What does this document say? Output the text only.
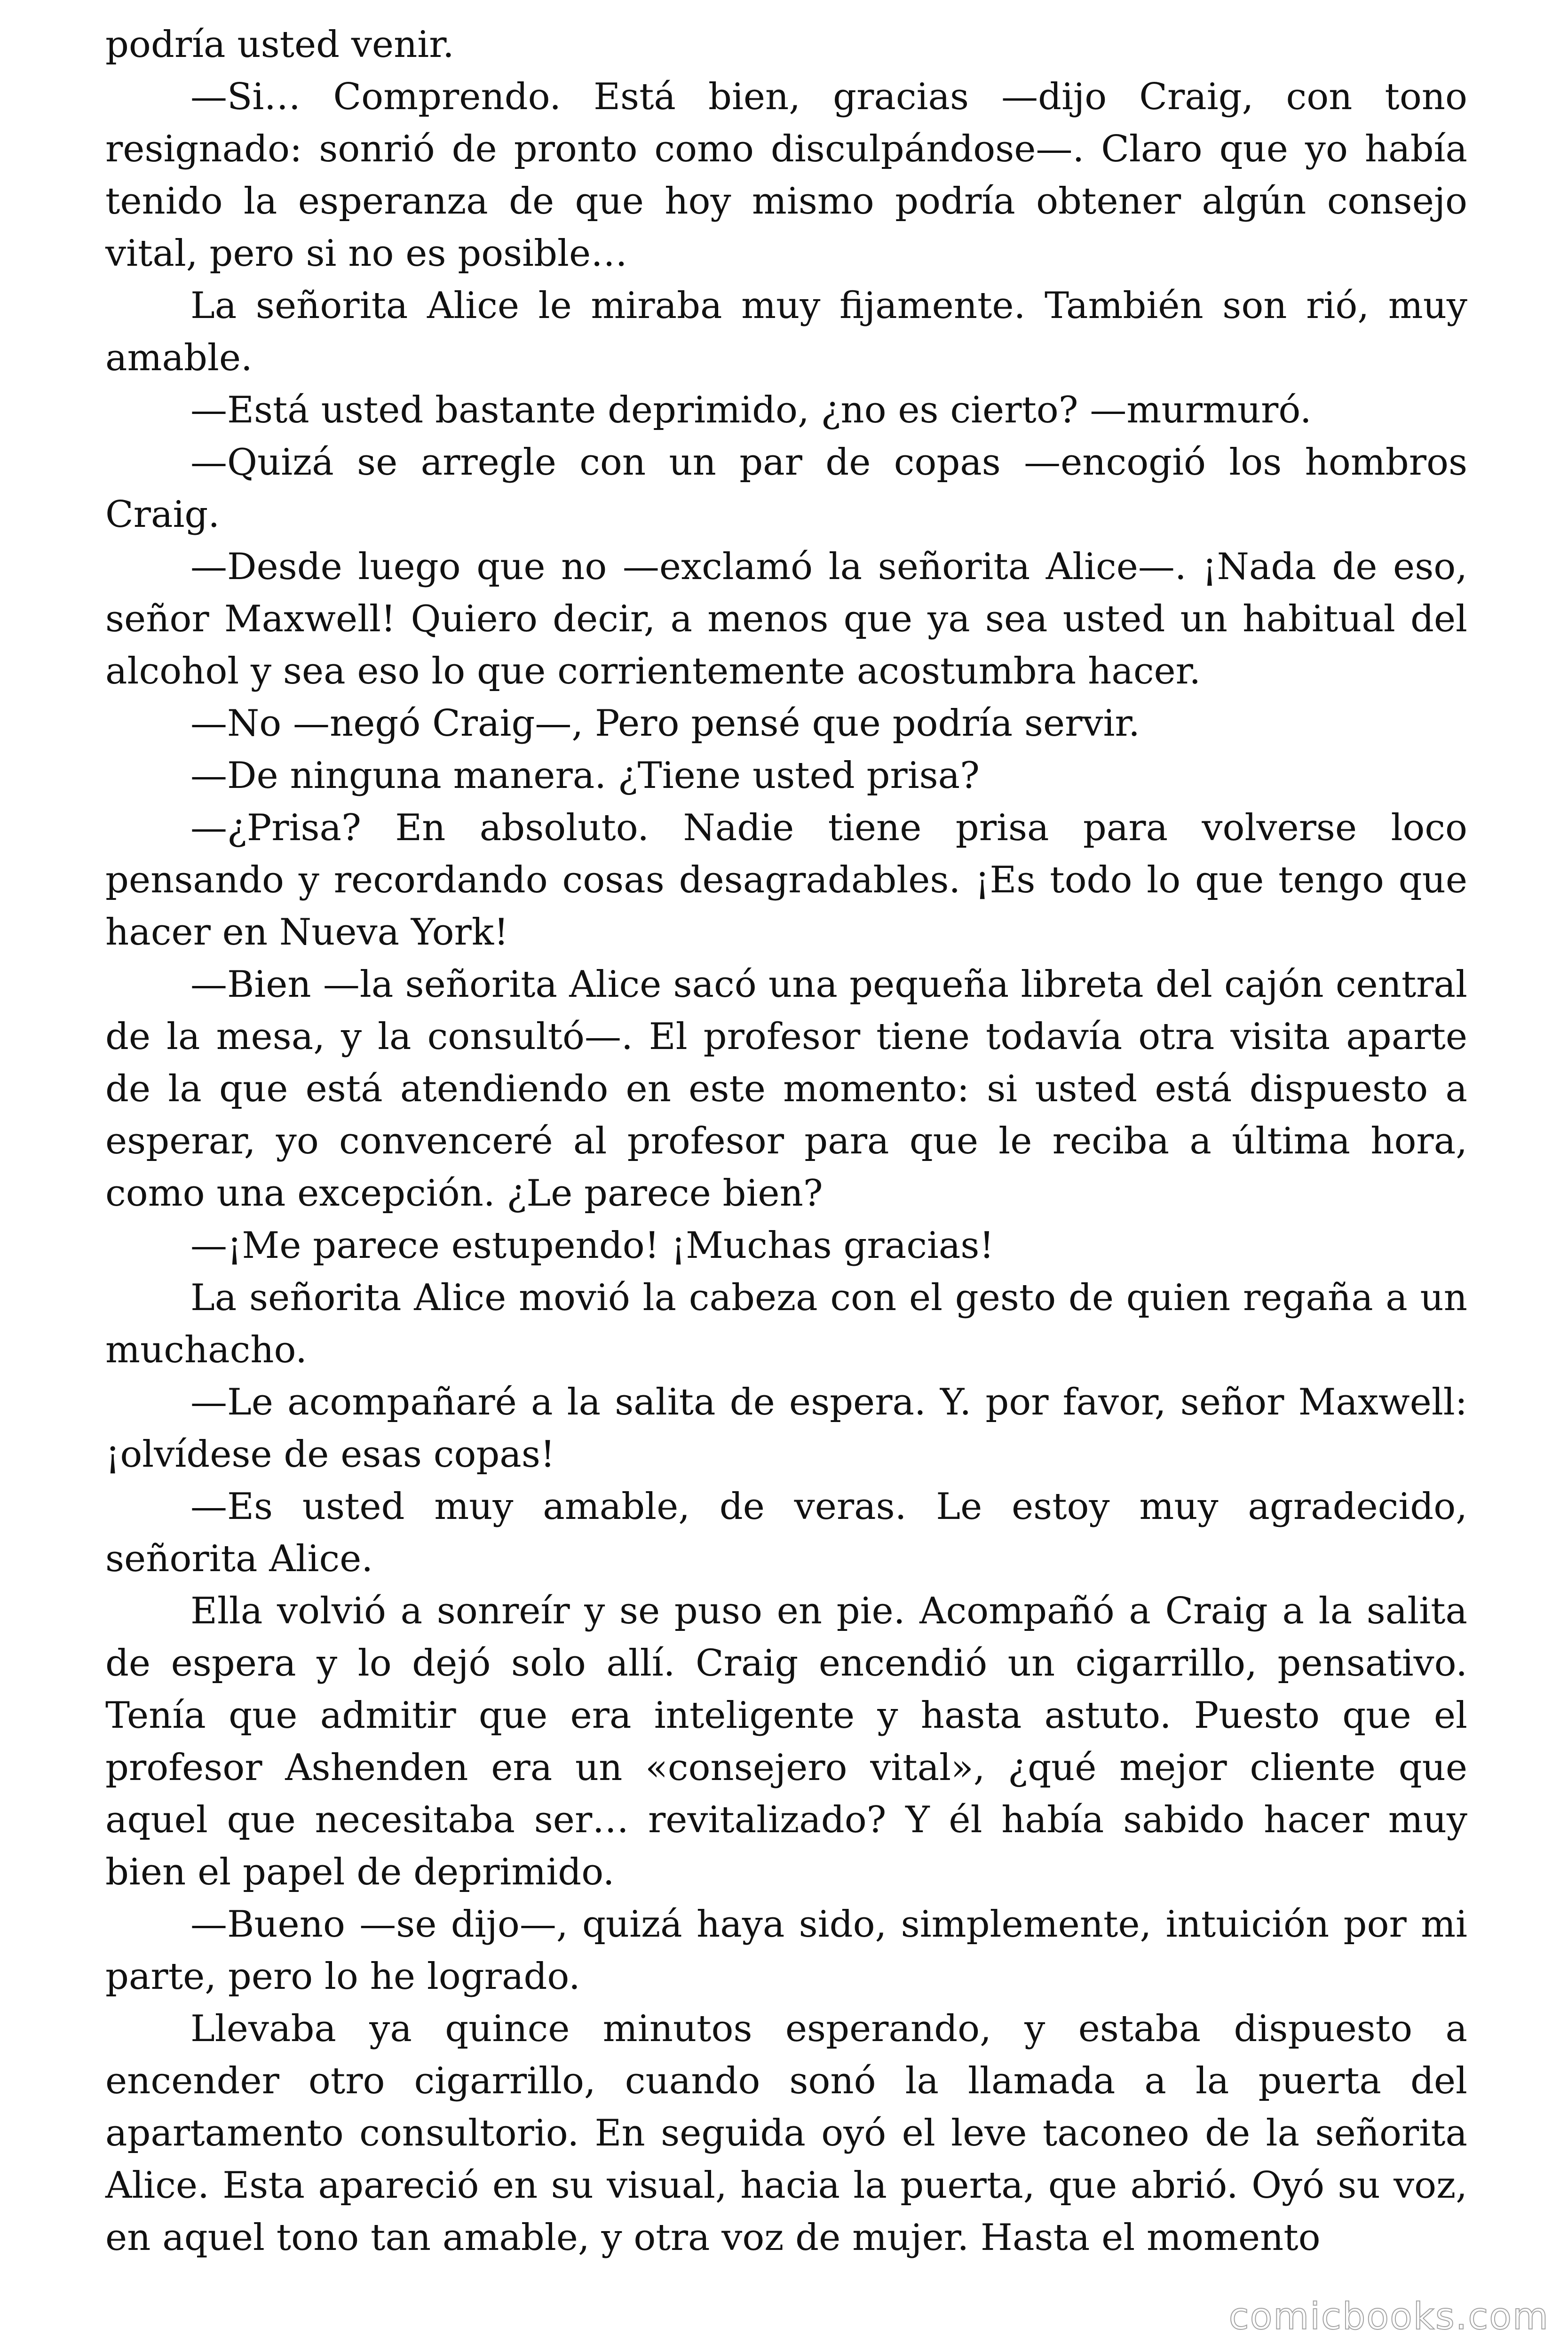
podría usted venir.

—Si… Comprendo. Está bien, gracias —dijo Craig, con tono resignado: sonrió de pronto como disculpándose—. Claro que yo había tenido la esperanza de que hoy mismo podría obtener algún consejo vital, pero si no es posible…

La señorita Alice le miraba muy fijamente. También son rió, muy amable.

—Está usted bastante deprimido, ¿no es cierto? —murmuró.

—Quizá se arregle con un par de copas —encogió los hombros Craig.

—Desde luego que no —exclamó la señorita Alice—. ¡Nada de eso, señor Maxwell! Quiero decir, a menos que ya sea usted un habitual del alcohol y sea eso lo que corrientemente acostumbra hacer.

—No —negó Craig—, Pero pensé que podría servir.

—De ninguna manera. ¿Tiene usted prisa?

—¿Prisa? En absoluto. Nadie tiene prisa para volverse loco pensando y recordando cosas desagradables. ¡Es todo lo que tengo que hacer en Nueva York!

—Bien —la señorita Alice sacó una pequeña libreta del cajón central de la mesa, y la consultó—. El profesor tiene todavía otra visita aparte de la que está atendiendo en este momento: si usted está dispuesto a esperar, yo convenceré al profesor para que le reciba a última hora, como una excepción. ¿Le parece bien?

—¡Me parece estupendo! ¡Muchas gracias!

La señorita Alice movió la cabeza con el gesto de quien regaña a un muchacho.

—Le acompañaré a la salita de espera. Y. por favor, señor Maxwell: ¡olvídese de esas copas!

—Es usted muy amable, de veras. Le estoy muy agradecido, señorita Alice.

Ella volvió a sonreír y se puso en pie. Acompañó a Craig a la salita de espera y lo dejó solo allí. Craig encendió un cigarrillo, pensativo. Tenía que admitir que era inteligente y hasta astuto. Puesto que el profesor Ashenden era un «consejero vital», ¿qué mejor cliente que aquel que necesitaba ser… revitalizado? Y él había sabido hacer muy bien el papel de deprimido.

—Bueno —se dijo—, quizá haya sido, simplemente, intuición por mi parte, pero lo he logrado.

Llevaba ya quince minutos esperando, y estaba dispuesto a encender otro cigarrillo, cuando sonó la llamada a la puerta del apartamento consultorio. En seguida oyó el leve taconeo de la señorita Alice. Esta apareció en su visual, hacia la puerta, que abrió. Oyó su voz, en aquel tono tan amable, y otra voz de mujer. Hasta el momento

comicbooks.com
